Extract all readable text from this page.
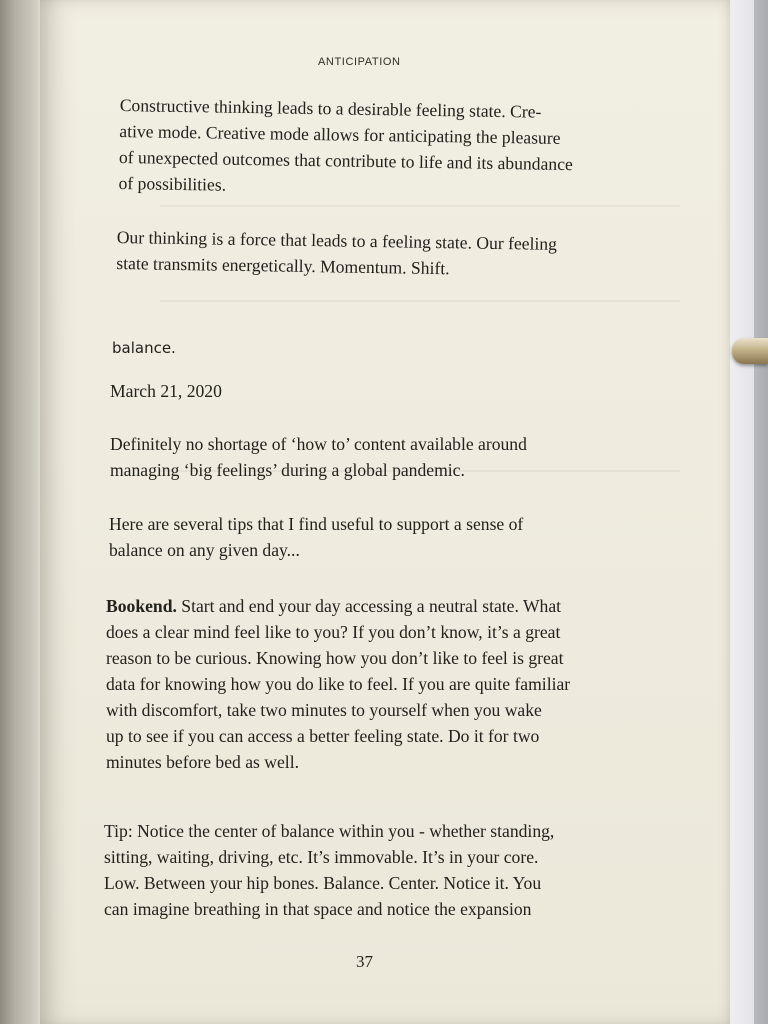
ANTICIPATION

Constructive thinking leads to a desirable feeling state. Cre-
ative mode. Creative mode allows for anticipating the pleasure
of unexpected outcomes that contribute to life and its abundance
of possibilities.

Our thinking is a force that leads to a feeling state. Our feeling
state transmits energetically. Momentum. Shift.

balance.

March 21, 2020

Definitely no shortage of ‘how to’ content available around
managing ‘big feelings’ during a global pandemic.

Here are several tips that I find useful to support a sense of
balance on any given day...

Bookend. Start and end your day accessing a neutral state. What
does a clear mind feel like to you? If you don’t know, it’s a great
reason to be curious. Knowing how you don’t like to feel is great
data for knowing how you do like to feel. If you are quite familiar
with discomfort, take two minutes to yourself when you wake
up to see if you can access a better feeling state. Do it for two
minutes before bed as well.

Tip: Notice the center of balance within you - whether standing,
sitting, waiting, driving, etc. It’s immovable. It’s in your core.
Low. Between your hip bones. Balance. Center. Notice it. You
can imagine breathing in that space and notice the expansion

37
